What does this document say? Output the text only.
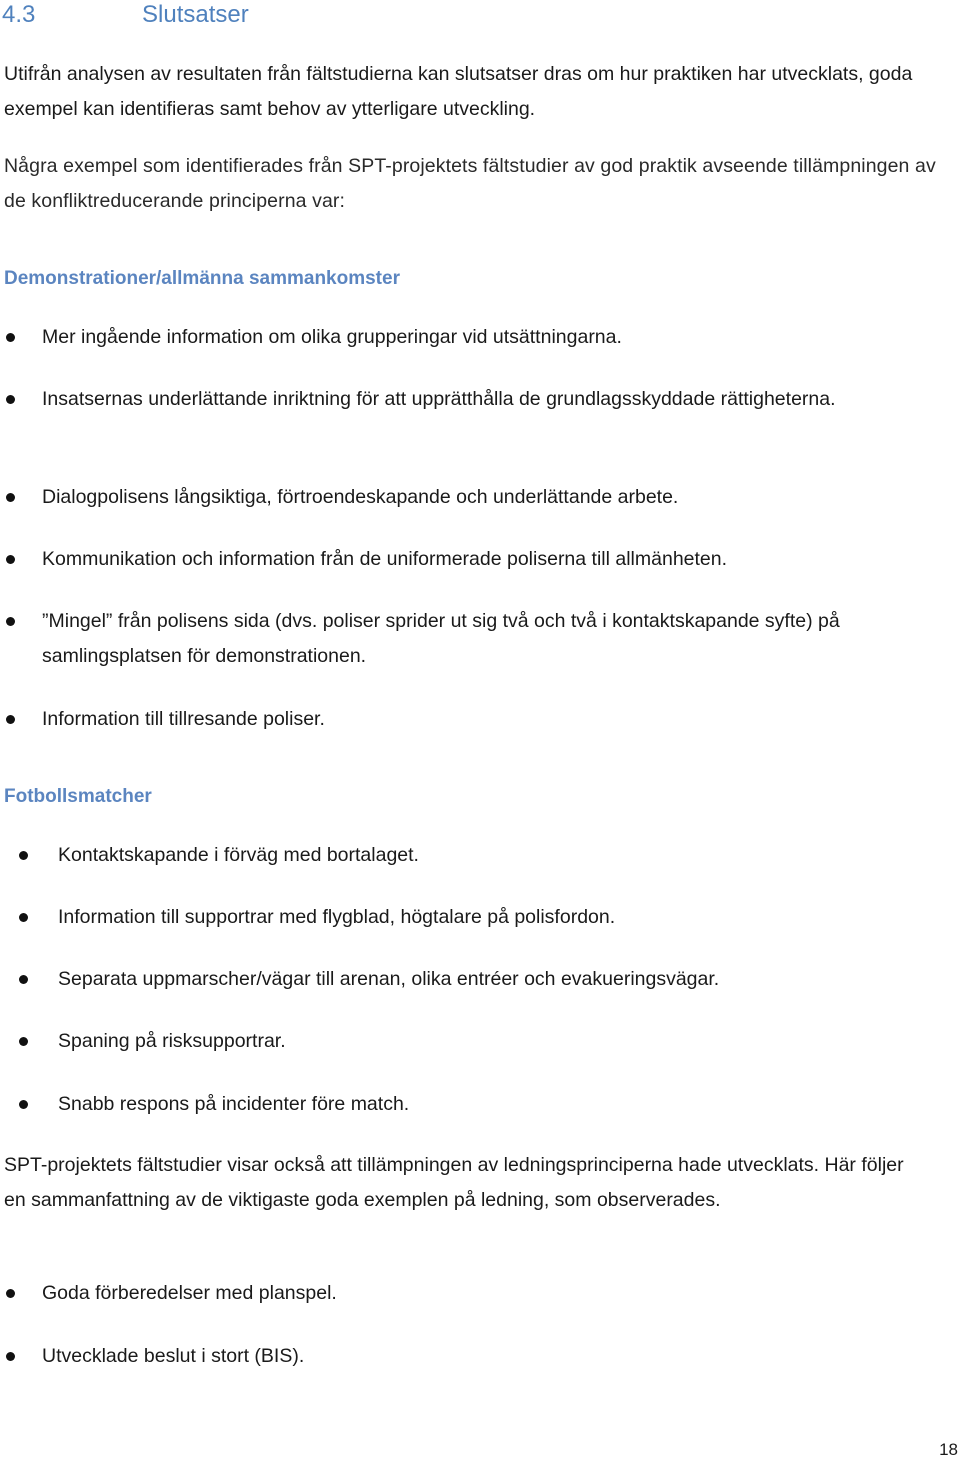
4.3	Slutsatser

Utifrån analysen av resultaten från fältstudierna kan slutsatser dras om hur praktiken har utvecklats, goda exempel kan identifieras samt behov av ytterligare utveckling.

Några exempel som identifierades från SPT-projektets fältstudier av god praktik avseende tillämpningen av de konfliktreducerande principerna var:

Demonstrationer/allmänna sammankomster

Mer ingående information om olika grupperingar vid utsättningarna.
Insatsernas underlättande inriktning för att upprätthålla de grundlagsskyddade rättigheterna.
Dialogpolisens långsiktiga, förtroendeskapande och underlättande arbete.
Kommunikation och information från de uniformerade poliserna till allmänheten.
”Mingel” från polisens sida (dvs. poliser sprider ut sig två och två i kontaktskapande syfte) på samlingsplatsen för demonstrationen.
Information till tillresande poliser.

Fotbollsmatcher

Kontaktskapande i förväg med bortalaget.
Information till supportrar med flygblad, högtalare på polisfordon.
Separata uppmarscher/vägar till arenan, olika entréer och evakueringsvägar.
Spaning på risksupportrar.
Snabb respons på incidenter före match.

SPT-projektets fältstudier visar också att tillämpningen av ledningsprinciperna hade utvecklats. Här följer en sammanfattning av de viktigaste goda exemplen på ledning, som observerades.

Goda förberedelser med planspel.
Utvecklade beslut i stort (BIS).
18
